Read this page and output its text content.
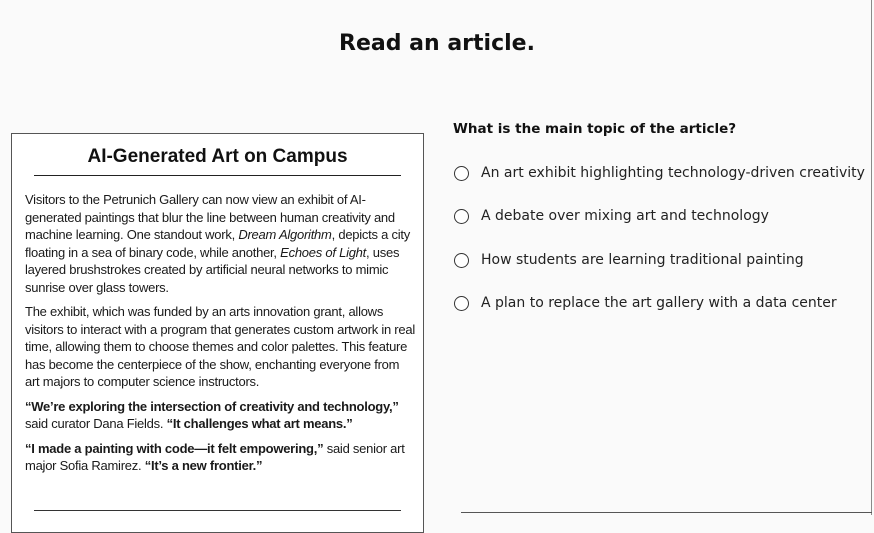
Read an article.
AI-Generated Art on Campus

Visitors to the Petrunich Gallery can now view an exhibit of AI-generated paintings that blur the line between human creativity and machine learning. One standout work, Dream Algorithm, depicts a city floating in a sea of binary code, while another, Echoes of Light, uses layered brushstrokes created by artificial neural networks to mimic sunrise over glass towers.

The exhibit, which was funded by an arts innovation grant, allows visitors to interact with a program that generates custom artwork in real time, allowing them to choose themes and color palettes. This feature has become the centerpiece of the show, enchanting everyone from art majors to computer science instructors.

“We’re exploring the intersection of creativity and technology,” said curator Dana Fields. “It challenges what art means.”

“I made a painting with code—it felt empowering,” said senior art major Sofia Ramirez. “It’s a new frontier.”

What is the main topic of the article?
An art exhibit highlighting technology-driven creativity
A debate over mixing art and technology
How students are learning traditional painting
A plan to replace the art gallery with a data center
